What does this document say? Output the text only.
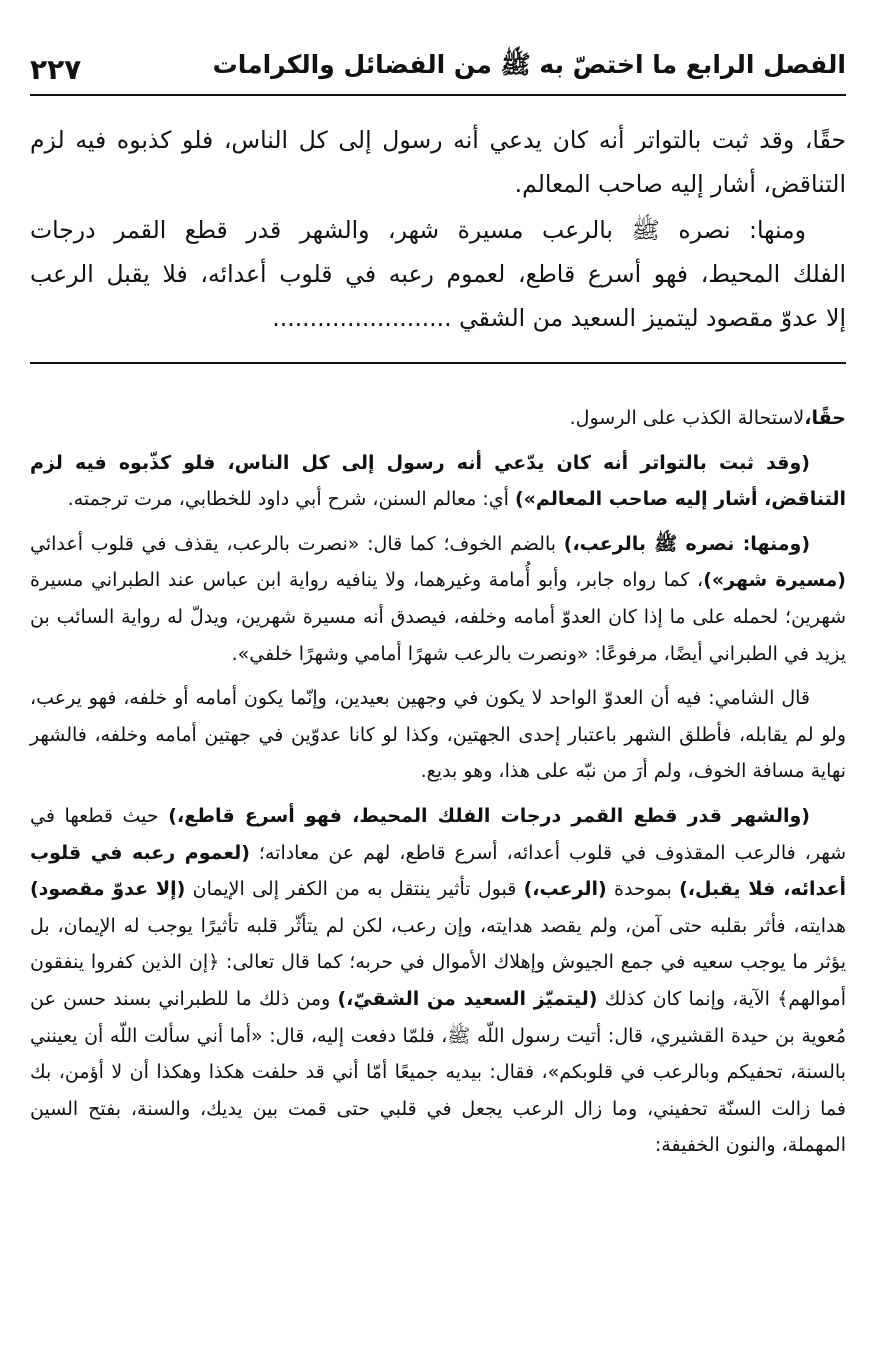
الفصل الرابع ما اختصّ به ﷺ من الفضائل والكرامات
٢٢٧

حقًا، وقد ثبت بالتواتر أنه كان يدعي أنه رسول إلى كل الناس، فلو كذبوه فيه لزم

التناقض، أشار إليه صاحب المعالم.

ومنها: نصره ﷺ بالرعب مسيرة شهر، والشهر قدر قطع القمر درجات

الفلك المحيط، فهو أسرع قاطع، لعموم رعبه في قلوب أعدائه، فلا يقبل الرعب

إلا عدوّ مقصود ليتميز السعيد من الشقي ........................

حقًا،لاستحالة الكذب على الرسول.

(وقد ثبت بالتواتر أنه كان يدّعي أنه رسول إلى كل الناس، فلو كذّبوه فيه لزم التناقض، أشار إليه صاحب المعالم») أي: معالم السنن، شرح أبي داود للخطابي، مرت ترجمته.

(ومنها: نصره ﷺ بالرعب،) بالضم الخوف؛ كما قال: «نصرت بالرعب، يقذف في قلوب أعدائي (مسيرة شهر»)، كما رواه جابر، وأبو أُمامة وغيرهما، ولا ينافيه رواية ابن عباس عند الطبراني مسيرة شهرين؛ لحمله على ما إذا كان العدوّ أمامه وخلفه، فيصدق أنه مسيرة شهرين، ويدلّ له رواية السائب بن يزيد في الطبراني أيضًا، مرفوعًا: «ونصرت بالرعب شهرًا أمامي وشهرًا خلفي».

قال الشامي: فيه أن العدوّ الواحد لا يكون في وجهين بعيدين، وإنّما يكون أمامه أو خلفه، فهو يرعب، ولو لم يقابله، فأطلق الشهر باعتبار إحدى الجهتين، وكذا لو كانا عدوّين في جهتين أمامه وخلفه، فالشهر نهاية مسافة الخوف، ولم أرَ من نبّه على هذا، وهو بديع.

(والشهر قدر قطع القمر درجات الفلك المحيط، فهو أسرع قاطع،) حيث قطعها في شهر، فالرعب المقذوف في قلوب أعدائه، أسرع قاطع، لهم عن معاداته؛ (لعموم رعبه في قلوب أعدائه، فلا يقبل،) بموحدة (الرعب،) قبول تأثير ينتقل به من الكفر إلى الإيمان (إلا عدوّ مقصود) هدايته، فأثر بقلبه حتى آمن، ولم يقصد هدايته، وإن رعب، لكن لم يتأثّر قلبه تأثيرًا يوجب له الإيمان، بل يؤثر ما يوجب سعيه في جمع الجيوش وإهلاك الأموال في حربه؛ كما قال تعالى: ﴿إن الذين كفروا ينفقون أموالهم﴾ الآية، وإنما كان كذلك (ليتميّز السعيد من الشقيّ،) ومن ذلك ما للطبراني بسند حسن عن مُعوية بن حيدة القشيري، قال: أتيت رسول اللّه ﷺ، فلمّا دفعت إليه، قال: «أما أني سألت اللّه أن يعينني بالسنة، تحفيكم وبالرعب في قلوبكم»، فقال: بيديه جميعًا أمّا أني قد حلفت هكذا وهكذا أن لا أؤمن، بك فما زالت السنّة تحفيني، وما زال الرعب يجعل في قلبي حتى قمت بين يديك، والسنة، بفتح السين المهملة، والنون الخفيفة:
